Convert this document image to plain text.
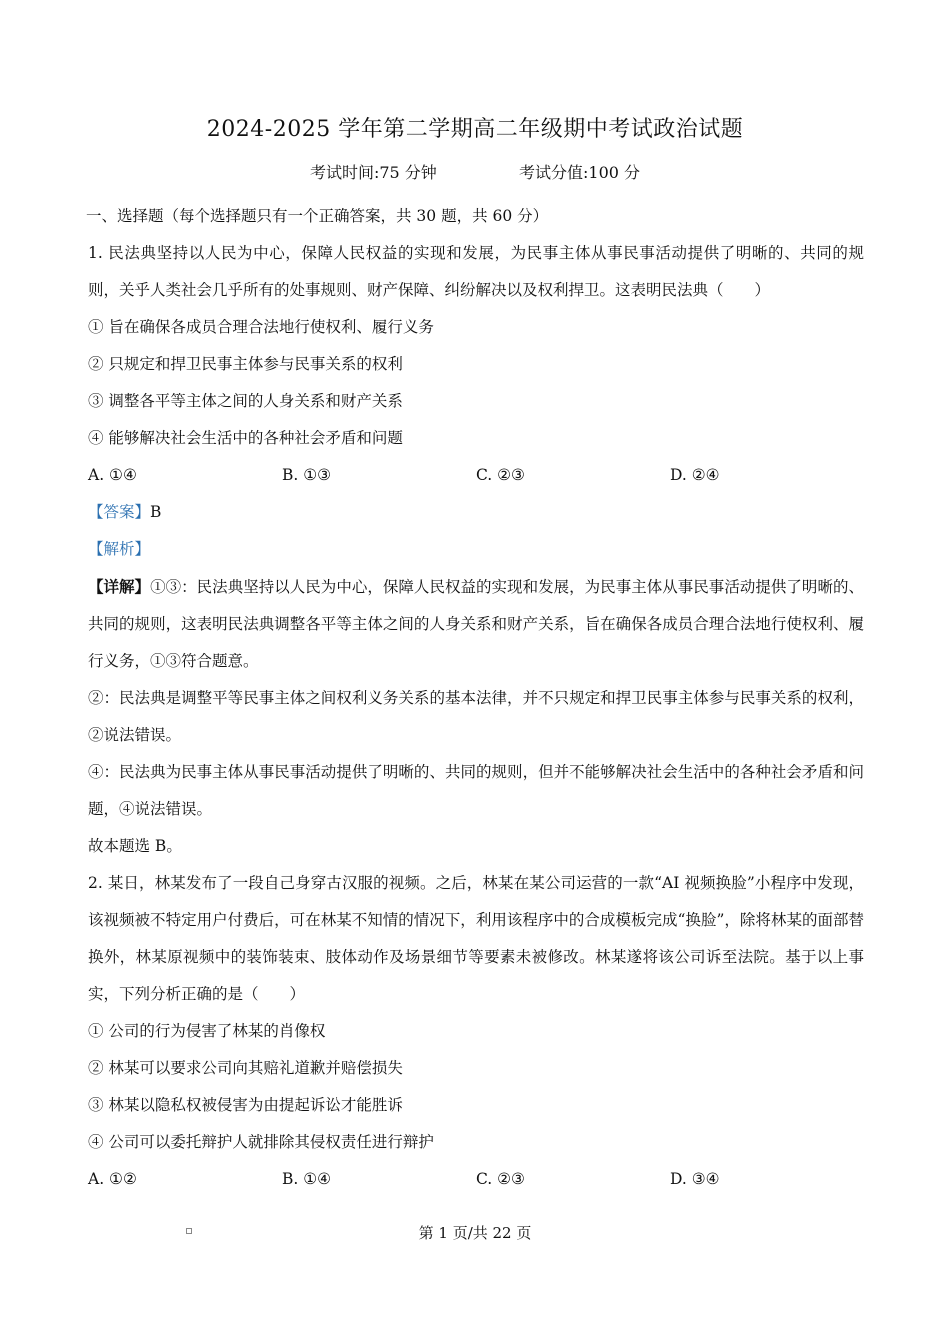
2024-2025 学年第二学期高二年级期中考试政治试题
考试时间:75 分钟	考试分值:100 分
一、选择题（每个选择题只有一个正确答案，共 30 题，共 60 分）
1. 民法典坚持以人民为中心，保障人民权益的实现和发展，为民事主体从事民事活动提供了明晰的、共同的规则，关乎人类社会几乎所有的处事规则、财产保障、纠纷解决以及权利捍卫。这表明民法典（　　）
① 旨在确保各成员合理合法地行使权利、履行义务
② 只规定和捍卫民事主体参与民事关系的权利
③ 调整各平等主体之间的人身关系和财产关系
④ 能够解决社会生活中的各种社会矛盾和问题
A. ①④	B. ①③	C. ②③	D. ②④
【答案】B
【解析】
【详解】①③：民法典坚持以人民为中心，保障人民权益的实现和发展，为民事主体从事民事活动提供了明晰的、共同的规则，这表明民法典调整各平等主体之间的人身关系和财产关系，旨在确保各成员合理合法地行使权利、履行义务，①③符合题意。
②：民法典是调整平等民事主体之间权利义务关系的基本法律，并不只规定和捍卫民事主体参与民事关系的权利，②说法错误。
④：民法典为民事主体从事民事活动提供了明晰的、共同的规则，但并不能够解决社会生活中的各种社会矛盾和问题，④说法错误。
故本题选 B。
2. 某日，林某发布了一段自己身穿古汉服的视频。之后，林某在某公司运营的一款“AI 视频换脸”小程序中发现，该视频被不特定用户付费后，可在林某不知情的情况下，利用该程序中的合成模板完成“换脸”，除将林某的面部替换外，林某原视频中的装饰装束、肢体动作及场景细节等要素未被修改。林某遂将该公司诉至法院。基于以上事实，下列分析正确的是（　　）
① 公司的行为侵害了林某的肖像权
② 林某可以要求公司向其赔礼道歉并赔偿损失
③ 林某以隐私权被侵害为由提起诉讼才能胜诉
④ 公司可以委托辩护人就排除其侵权责任进行辩护
A. ①②	B. ①④	C. ②③	D. ③④
第 1 页/共 22 页
